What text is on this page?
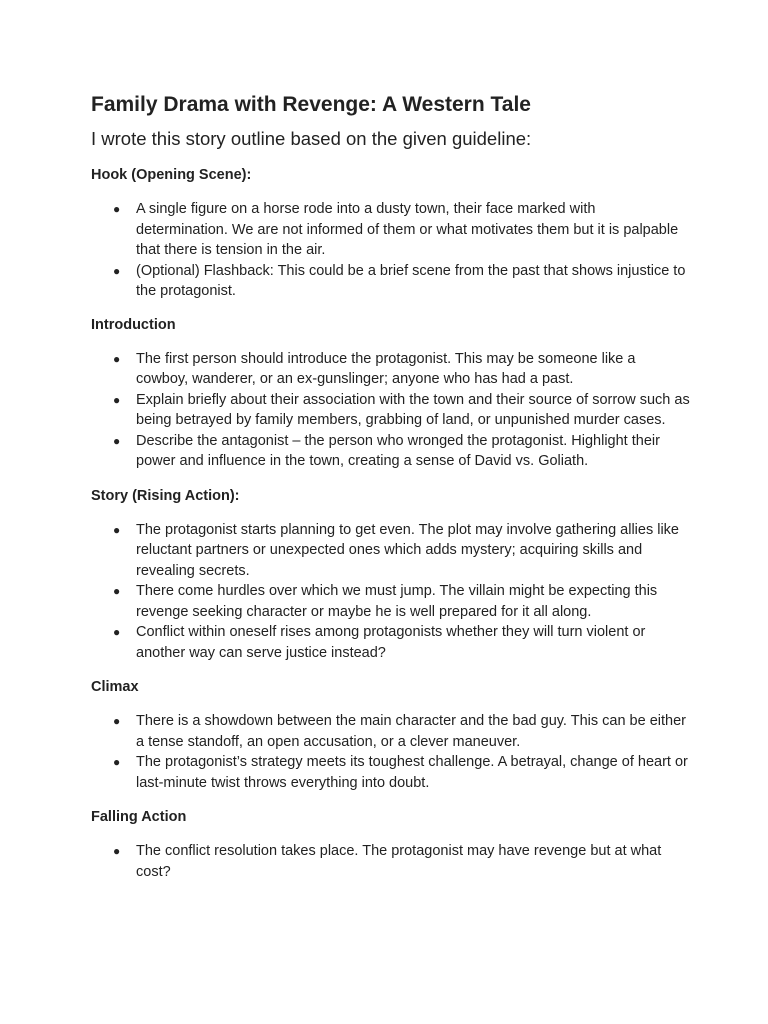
Family Drama with Revenge: A Western Tale

I wrote this story outline based on the given guideline:

Hook (Opening Scene):
● A single figure on a horse rode into a dusty town, their face marked with determination. We are not informed of them or what motivates them but it is palpable that there is tension in the air.
● (Optional) Flashback: This could be a brief scene from the past that shows injustice to the protagonist.
Introduction
● The first person should introduce the protagonist. This may be someone like a cowboy, wanderer, or an ex-gunslinger; anyone who has had a past.
● Explain briefly about their association with the town and their source of sorrow such as being betrayed by family members, grabbing of land, or unpunished murder cases.
● Describe the antagonist – the person who wronged the protagonist. Highlight their power and influence in the town, creating a sense of David vs. Goliath.
Story (Rising Action):
● The protagonist starts planning to get even. The plot may involve gathering allies like reluctant partners or unexpected ones which adds mystery; acquiring skills and revealing secrets.
● There come hurdles over which we must jump. The villain might be expecting this revenge seeking character or maybe he is well prepared for it all along.
● Conflict within oneself rises among protagonists whether they will turn violent or another way can serve justice instead?
Climax
● There is a showdown between the main character and the bad guy. This can be either a tense standoff, an open accusation, or a clever maneuver.
● The protagonist’s strategy meets its toughest challenge. A betrayal, change of heart or last-minute twist throws everything into doubt.
Falling Action
● The conflict resolution takes place. The protagonist may have revenge but at what cost?
